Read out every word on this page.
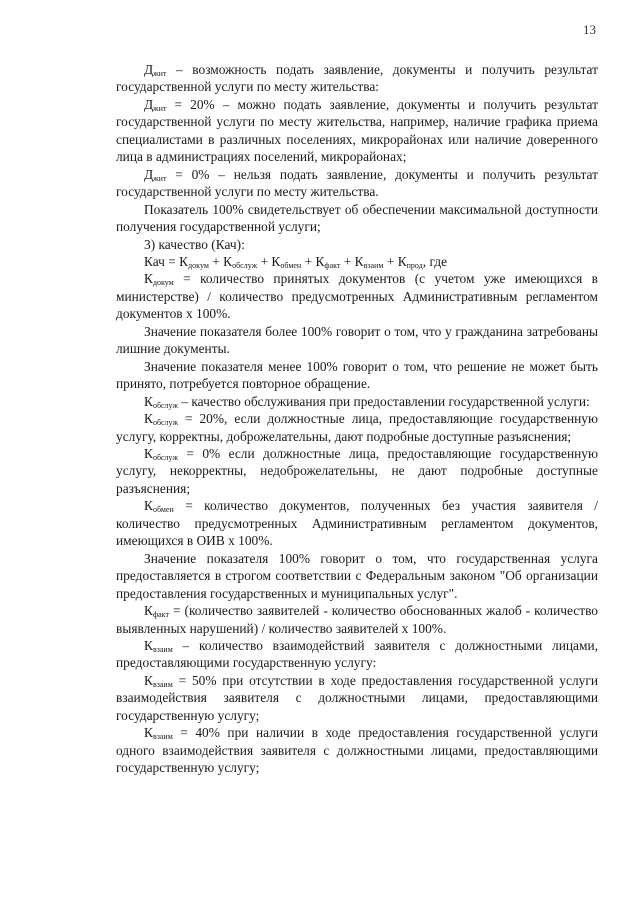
13

$Д_{жит}$ – возможность подать заявление, документы и получить результат государственной услуги по месту жительства:

$Д_{жит} = 20\%$ – можно подать заявление, документы и получить результат государственной услуги по месту жительства, например, наличие графика приема специалистами в различных поселениях, микрорайонах или наличие доверенного лица в администрациях поселений, микрорайонах;

$Д_{жит} = 0\%$ – нельзя подать заявление, документы и получить результат государственной услуги по месту жительства.

Показатель 100% свидетельствует об обеспечении максимальной доступности получения государственной услуги;

3) качество (Кач):

Кач = $К_{докум} + К_{обслуж} + К_{обмен} + К_{факт} + К_{взаим} + К_{прод}$, где

$К_{докум}$ = количество принятых документов (с учетом уже имеющихся в министерстве) / количество предусмотренных Административным регламентом документов x 100%.

Значение показателя более 100% говорит о том, что у гражданина затребованы лишние документы.

Значение показателя менее 100% говорит о том, что решение не может быть принято, потребуется повторное обращение.

$К_{обслуж}$ – качество обслуживания при предоставлении государственной услуги:

$К_{обслуж} = 20\%$, если должностные лица, предоставляющие государственную услугу, корректны, доброжелательны, дают подробные доступные разъяснения;

$К_{обслуж} = 0\%$ если должностные лица, предоставляющие государственную услугу, некорректны, недоброжелательны, не дают подробные доступные разъяснения;

$К_{обмен}$ = количество документов, полученных без участия заявителя / количество предусмотренных Административным регламентом документов, имеющихся в ОИВ x 100%.

Значение показателя 100% говорит о том, что государственная услуга предоставляется в строгом соответствии с Федеральным законом "Об организации предоставления государственных и муниципальных услуг".

$К_{факт}$ = (количество заявителей - количество обоснованных жалоб - количество выявленных нарушений) / количество заявителей x 100%.

$К_{взаим}$ – количество взаимодействий заявителя с должностными лицами, предоставляющими государственную услугу:

$К_{взаим} = 50\%$ при отсутствии в ходе предоставления государственной услуги взаимодействия заявителя с должностными лицами, предоставляющими государственную услугу;

$К_{взаим} = 40\%$ при наличии в ходе предоставления государственной услуги одного взаимодействия заявителя с должностными лицами, предоставляющими государственную услугу;
